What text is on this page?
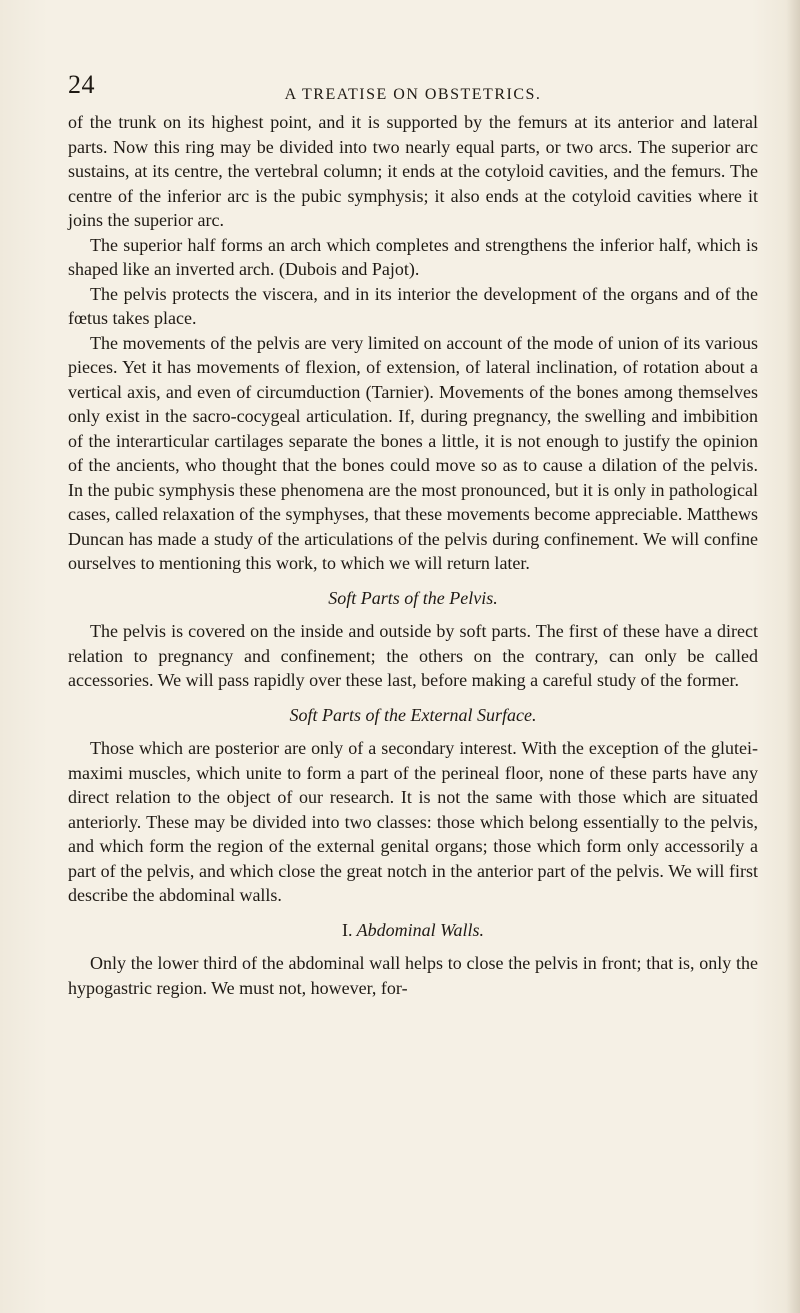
24	A TREATISE ON OBSTETRICS.

of the trunk on its highest point, and it is supported by the femurs at its anterior and lateral parts. Now this ring may be divided into two nearly equal parts, or two arcs. The superior arc sustains, at its centre, the vertebral column; it ends at the cotyloid cavities, and the femurs. The centre of the inferior arc is the pubic symphysis; it also ends at the cotyloid cavities where it joins the superior arc.

The superior half forms an arch which completes and strengthens the inferior half, which is shaped like an inverted arch. (Dubois and Pajot).

The pelvis protects the viscera, and in its interior the development of the organs and of the fœtus takes place.

The movements of the pelvis are very limited on account of the mode of union of its various pieces. Yet it has movements of flexion, of extension, of lateral inclination, of rotation about a vertical axis, and even of circumduction (Tarnier). Movements of the bones among themselves only exist in the sacro-cocygeal articulation. If, during pregnancy, the swelling and imbibition of the interarticular cartilages separate the bones a little, it is not enough to justify the opinion of the ancients, who thought that the bones could move so as to cause a dilation of the pelvis. In the pubic symphysis these phenomena are the most pronounced, but it is only in pathological cases, called relaxation of the symphyses, that these movements become appreciable. Matthews Duncan has made a study of the articulations of the pelvis during confinement. We will confine ourselves to mentioning this work, to which we will return later.

Soft Parts of the Pelvis.

The pelvis is covered on the inside and outside by soft parts. The first of these have a direct relation to pregnancy and confinement; the others on the contrary, can only be called accessories. We will pass rapidly over these last, before making a careful study of the former.

Soft Parts of the External Surface.

Those which are posterior are only of a secondary interest. With the exception of the glutei-maximi muscles, which unite to form a part of the perineal floor, none of these parts have any direct relation to the object of our research. It is not the same with those which are situated anteriorly. These may be divided into two classes: those which belong essentially to the pelvis, and which form the region of the external genital organs; those which form only accessorily a part of the pelvis, and which close the great notch in the anterior part of the pelvis. We will first describe the abdominal walls.

I. Abdominal Walls.

Only the lower third of the abdominal wall helps to close the pelvis in front; that is, only the hypogastric region. We must not, however, for-
